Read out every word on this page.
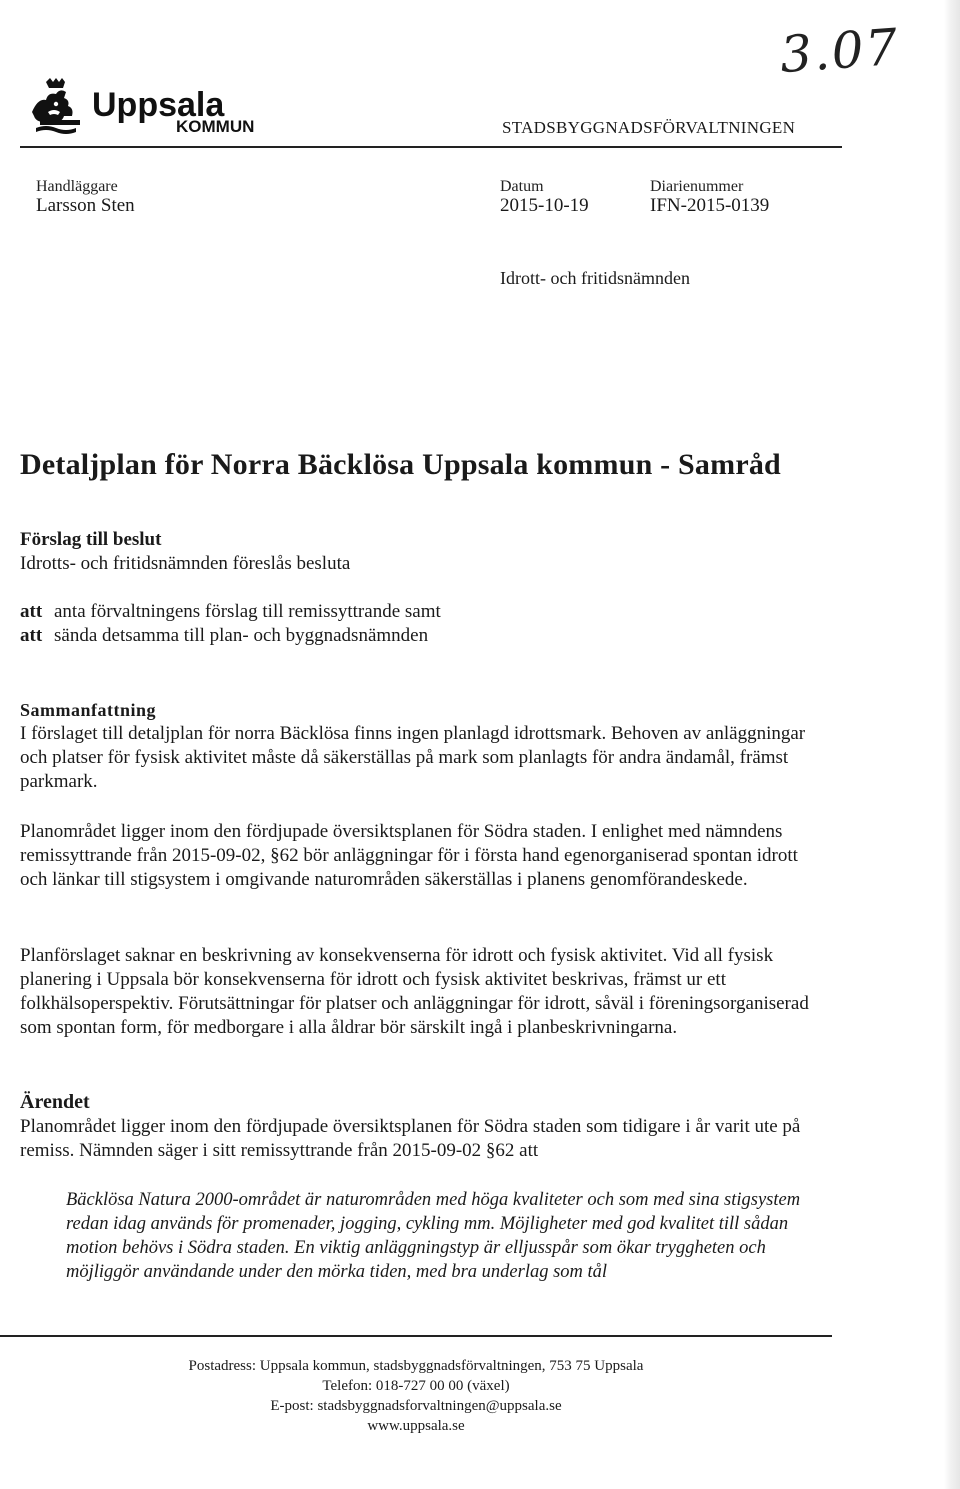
3.07
Uppsala
KOMMUN	STADSBYGGNADSFÖRVALTNINGEN
Handläggare
Larsson Sten
Datum
2015-10-19
Diarienummer
IFN-2015-0139
Idrott- och fritidsnämnden
Detaljplan för Norra Bäcklösa Uppsala kommun - Samråd
Förslag till beslut
Idrotts- och fritidsnämnden föreslås besluta
att anta förvaltningens förslag till remissyttrande samt
att sända detsamma till plan- och byggnadsnämnden
Sammanfattning
I förslaget till detaljplan för norra Bäcklösa finns ingen planlagd idrottsmark. Behoven av anläggningar och platser för fysisk aktivitet måste då säkerställas på mark som planlagts för andra ändamål, främst parkmark.
Planområdet ligger inom den fördjupade översiktsplanen för Södra staden. I enlighet med nämndens remissyttrande från 2015-09-02, §62 bör anläggningar för i första hand egenorganiserad spontan idrott och länkar till stigsystem i omgivande naturområden säkerställas i planens genomförandeskede.
Planförslaget saknar en beskrivning av konsekvenserna för idrott och fysisk aktivitet. Vid all fysisk planering i Uppsala bör konsekvenserna för idrott och fysisk aktivitet beskrivas, främst ur ett folkhälsoperspektiv. Förutsättningar för platser och anläggningar för idrott, såväl i föreningsorganiserad som spontan form, för medborgare i alla åldrar bör särskilt ingå i planbeskrivningarna.
Ärendet
Planområdet ligger inom den fördjupade översiktsplanen för Södra staden som tidigare i år varit ute på remiss. Nämnden säger i sitt remissyttrande från 2015-09-02 §62 att
Bäcklösa Natura 2000-området är naturområden med höga kvaliteter och som med sina stigsystem redan idag används för promenader, jogging, cykling mm. Möjligheter med god kvalitet till sådan motion behövs i Södra staden. En viktig anläggningstyp är elljusspår som ökar tryggheten och möjliggör användande under den mörka tiden, med bra underlag som tål
Postadress: Uppsala kommun, stadsbyggnadsförvaltningen, 753 75 Uppsala
Telefon: 018-727 00 00 (växel)
E-post: stadsbyggnadsforvaltningen@uppsala.se
www.uppsala.se
